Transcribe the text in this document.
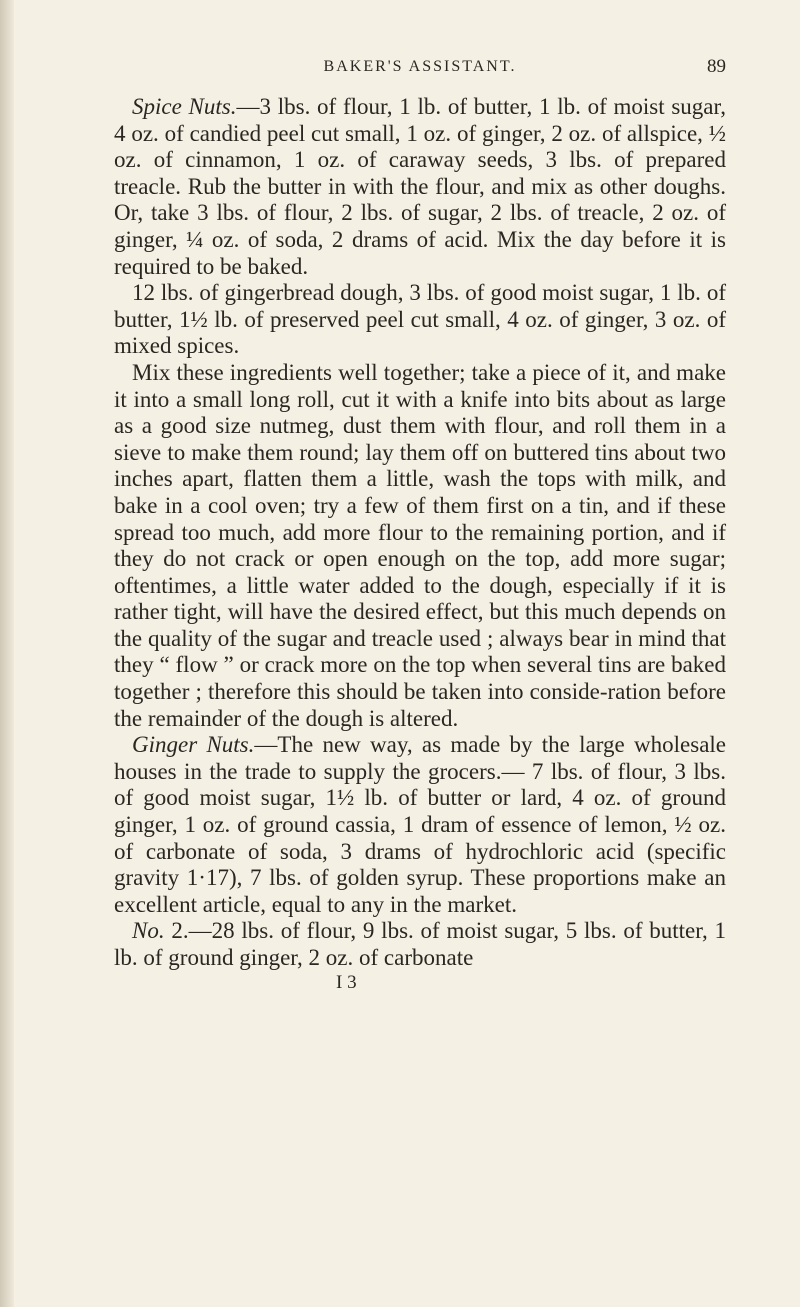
BAKER'S ASSISTANT.	89

Spice Nuts.—3 lbs. of flour, 1 lb. of butter, 1 lb. of moist sugar, 4 oz. of candied peel cut small, 1 oz. of ginger, 2 oz. of allspice, ½ oz. of cinnamon, 1 oz. of caraway seeds, 3 lbs. of prepared treacle. Rub the butter in with the flour, and mix as other doughs. Or, take 3 lbs. of flour, 2 lbs. of sugar, 2 lbs. of treacle, 2 oz. of ginger, ¼ oz. of soda, 2 drams of acid. Mix the day before it is required to be baked.

12 lbs. of gingerbread dough, 3 lbs. of good moist sugar, 1 lb. of butter, 1½ lb. of preserved peel cut small, 4 oz. of ginger, 3 oz. of mixed spices.

Mix these ingredients well together; take a piece of it, and make it into a small long roll, cut it with a knife into bits about as large as a good size nutmeg, dust them with flour, and roll them in a sieve to make them round; lay them off on buttered tins about two inches apart, flatten them a little, wash the tops with milk, and bake in a cool oven; try a few of them first on a tin, and if these spread too much, add more flour to the remaining portion, and if they do not crack or open enough on the top, add more sugar; oftentimes, a little water added to the dough, especially if it is rather tight, will have the desired effect, but this much depends on the quality of the sugar and treacle used ; always bear in mind that they “ flow ” or crack more on the top when several tins are baked together ; therefore this should be taken into conside-ration before the remainder of the dough is altered.

Ginger Nuts.—The new way, as made by the large wholesale houses in the trade to supply the grocers.— 7 lbs. of flour, 3 lbs. of good moist sugar, 1½ lb. of butter or lard, 4 oz. of ground ginger, 1 oz. of ground cassia, 1 dram of essence of lemon, ½ oz. of carbonate of soda, 3 drams of hydrochloric acid (specific gravity 1·17), 7 lbs. of golden syrup. These proportions make an excellent article, equal to any in the market.

No. 2.—28 lbs. of flour, 9 lbs. of moist sugar, 5 lbs. of butter, 1 lb. of ground ginger, 2 oz. of carbonate

I 3
